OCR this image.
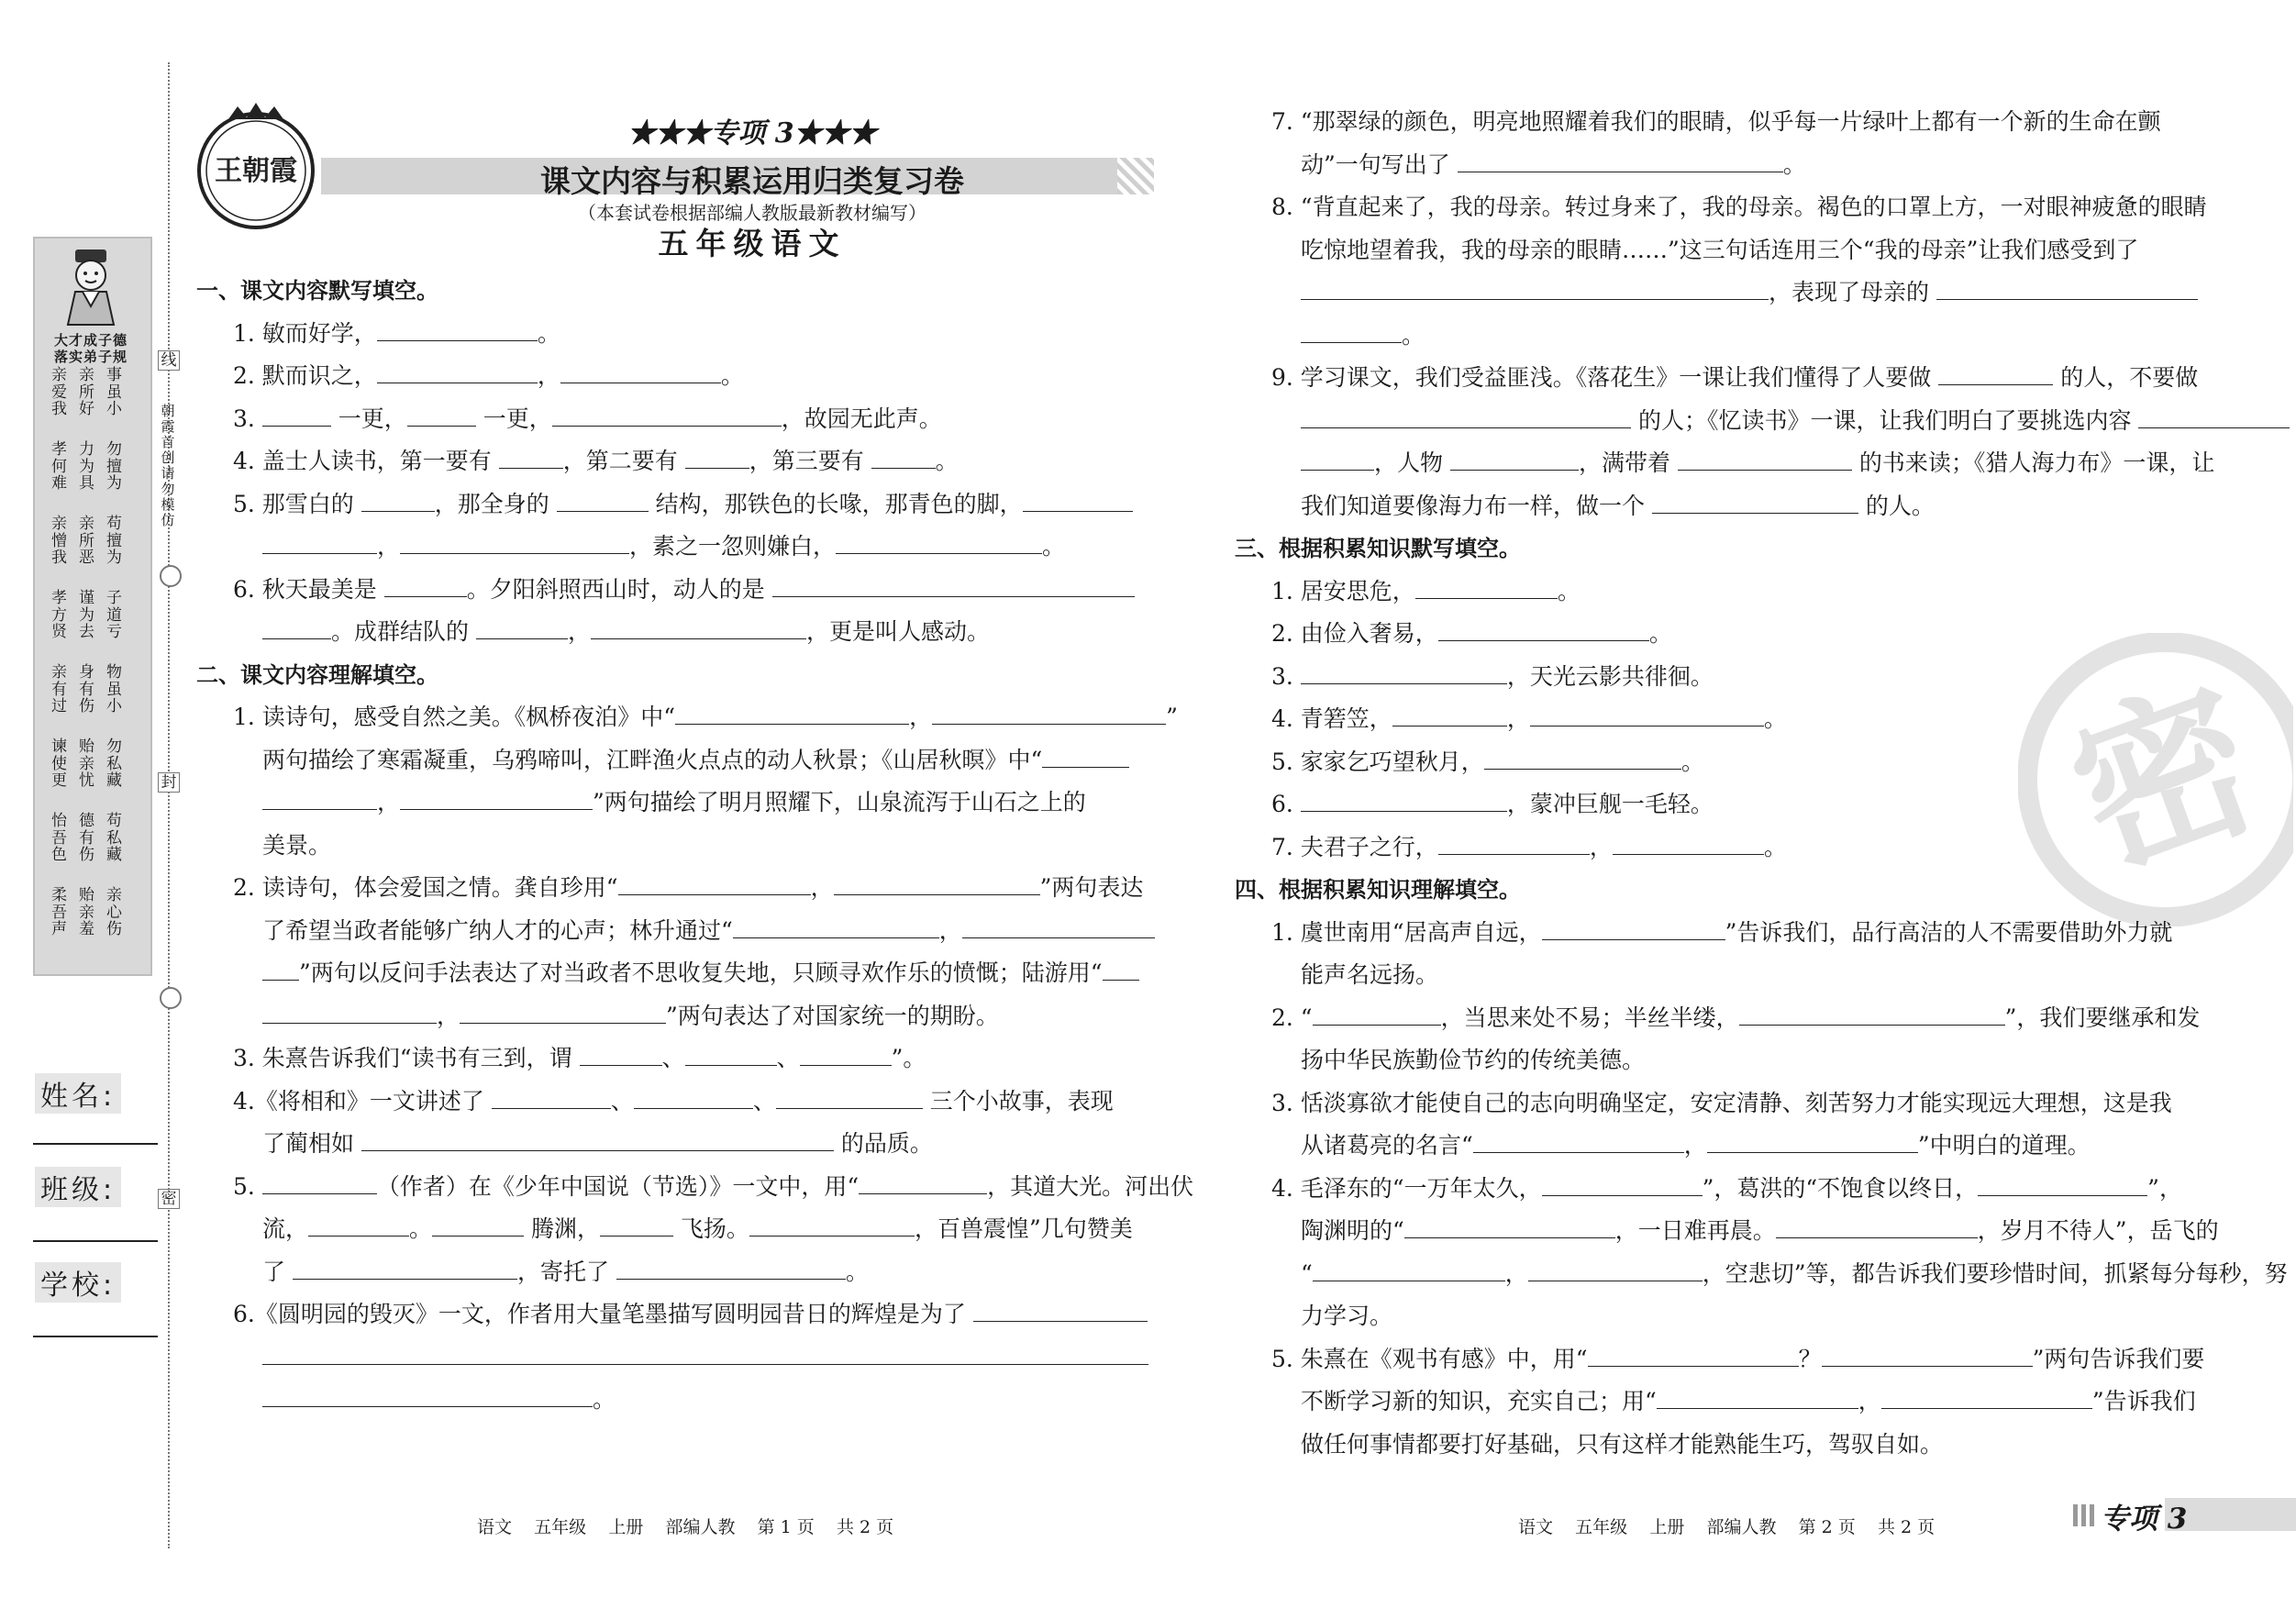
大才成子德
落实弟子规
亲爱我
亲所好
事虽小
孝何难
力为具
勿擅为
亲憎我
亲所恶
苟擅为
孝方贤
谨为去
子道亏
亲有过
身有伤
物虽小
谏使更
贻亲忧
勿私藏
怡吾色
德有伤
苟私藏
柔吾声
贻亲羞
亲心伤
线
朝霞首创请勿模仿
封
密
姓名:
班级:
学校:
王朝霞
★★★专项 3★★★
课文内容与积累运用归类复习卷
（本套试卷根据部编人教版最新教材编写）
五年级语文
一、课文内容默写填空。
1. 敏而好学，	。
2. 默而识之，	，	。
3.	一更，	一更，	，故园无此声。
4. 盖士人读书，第一要有	，第二要有	，第三要有	。
5. 那雪白的	，那全身的	结构，那铁色的长喙，那青色的脚，
，	，素之一忽则嫌白，	。
6. 秋天最美是	。夕阳斜照西山时，动人的是
。成群结队的	，	，更是叫人感动。
二、课文内容理解填空。
1. 读诗句，感受自然之美。《枫桥夜泊》中“	，	”
两句描绘了寒霜凝重，乌鸦啼叫，江畔渔火点点的动人秋景；《山居秋暝》中“
，	”两句描绘了明月照耀下，山泉流泻于山石之上的
美景。
2. 读诗句，体会爱国之情。龚自珍用“	，	”两句表达
了希望当政者能够广纳人才的心声；林升通过“	，
”两句以反问手法表达了对当政者不思收复失地，只顾寻欢作乐的愤慨；陆游用“
，	”两句表达了对国家统一的期盼。
3. 朱熹告诉我们“读书有三到，谓	、	、	”。
4.《将相和》一文讲述了	、	、	三个小故事，表现
了蔺相如	的品质。
5.	（作者）在《少年中国说（节选）》一文中，用“	，其道大光。河出伏
流，	。	腾渊，	飞扬。	，百兽震惶”几句赞美
了	，寄托了	。
6.《圆明园的毁灭》一文，作者用大量笔墨描写圆明园昔日的辉煌是为了
。
密
7. “那翠绿的颜色，明亮地照耀着我们的眼睛，似乎每一片绿叶上都有一个新的生命在颤
动”一句写出了	。
8. “背直起来了，我的母亲。转过身来了，我的母亲。褐色的口罩上方，一对眼神疲惫的眼睛
吃惊地望着我，我的母亲的眼睛……”这三句话连用三个“我的母亲”让我们感受到了
，表现了母亲的
。
9. 学习课文，我们受益匪浅。《落花生》一课让我们懂得了人要做	的人，不要做
的人；《忆读书》一课，让我们明白了要挑选内容
，人物	，满带着	的书来读；《猎人海力布》一课，让
我们知道要像海力布一样，做一个	的人。
三、根据积累知识默写填空。
1. 居安思危，	。
2. 由俭入奢易，	。
3.	，天光云影共徘徊。
4. 青箬笠，	，	。
5. 家家乞巧望秋月，	。
6.	，蒙冲巨舰一毛轻。
7. 夫君子之行，	，	。
四、根据积累知识理解填空。
1. 虞世南用“居高声自远，	”告诉我们，品行高洁的人不需要借助外力就
能声名远扬。
2. “	，当思来处不易；半丝半缕，	”，我们要继承和发
扬中华民族勤俭节约的传统美德。
3. 恬淡寡欲才能使自己的志向明确坚定，安定清静、刻苦努力才能实现远大理想，这是我
从诸葛亮的名言“	，	”中明白的道理。
4. 毛泽东的“一万年太久，	”，葛洪的“不饱食以终日，	”，
陶渊明的“	，一日难再晨。	，岁月不待人”，岳飞的
“	，	，空悲切”等，都告诉我们要珍惜时间，抓紧每分每秒，努
力学习。
5. 朱熹在《观书有感》中，用“	？	”两句告诉我们要
不断学习新的知识，充实自己；用“	，	”告诉我们
做任何事情都要打好基础，只有这样才能熟能生巧，驾驭自如。
语文    五年级    上册    部编人教    第 1 页    共 2 页	语文    五年级    上册    部编人教    第 2 页    共 2 页	专项 3
